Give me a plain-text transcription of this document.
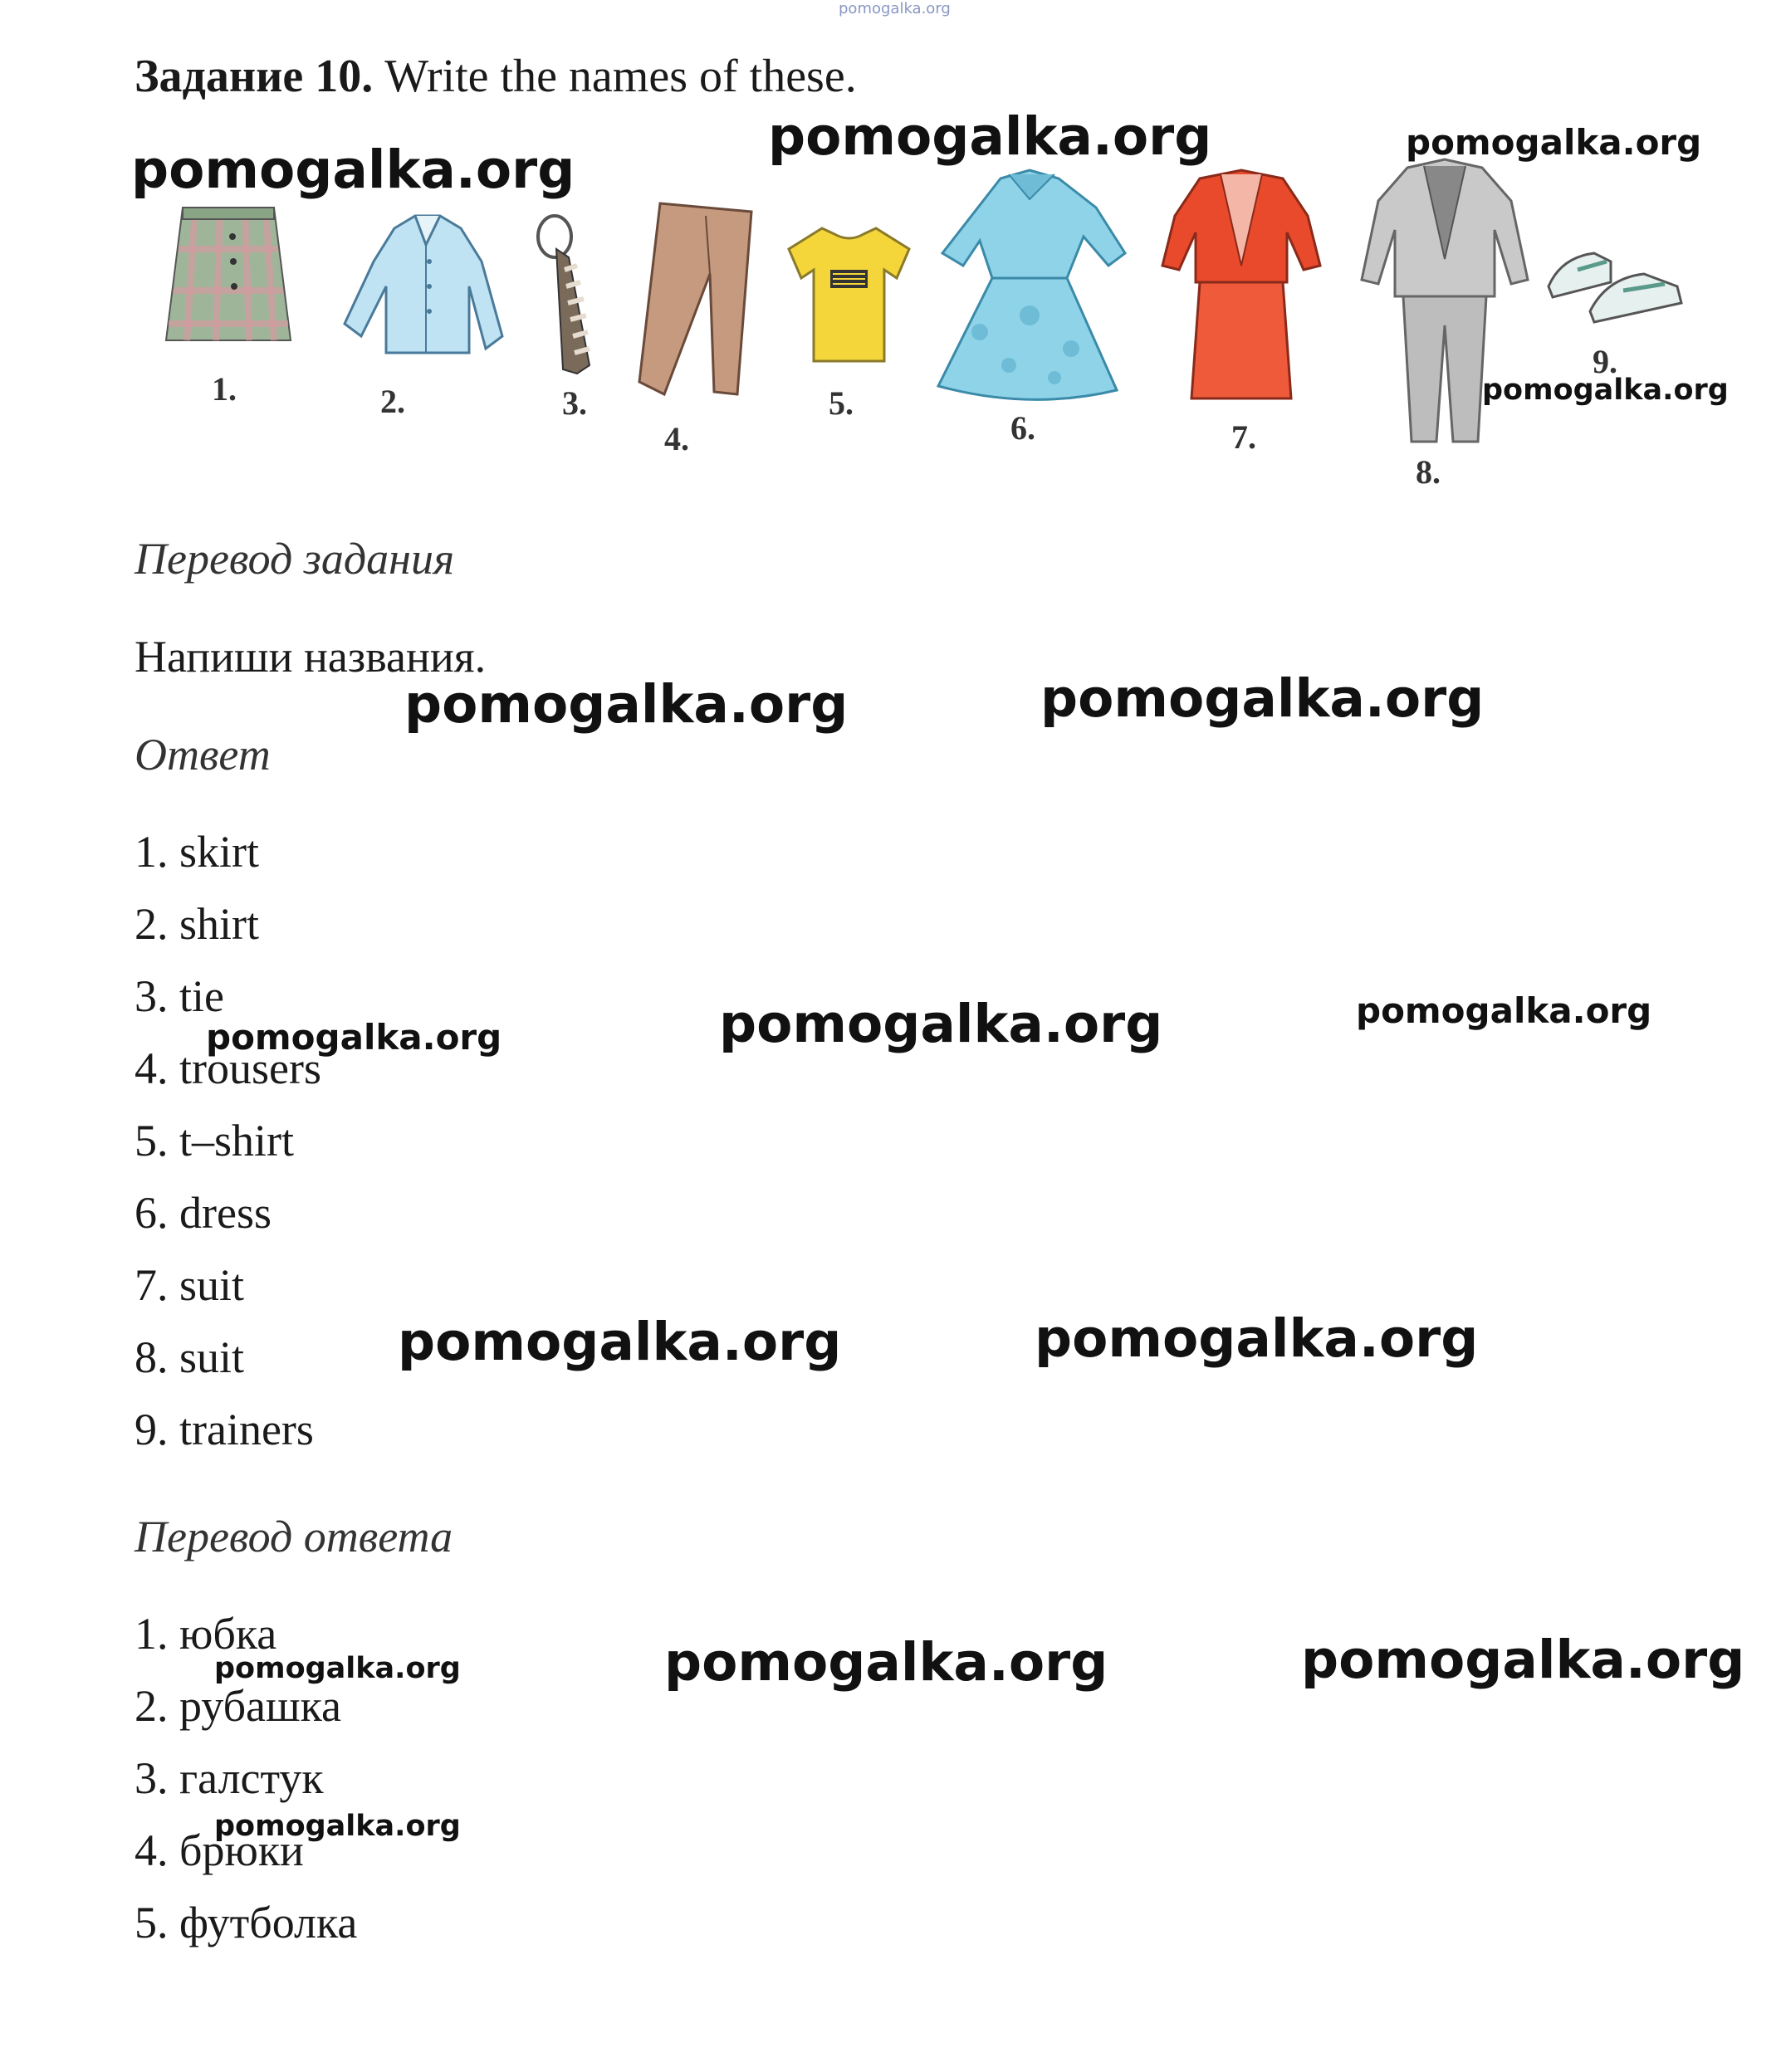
pomogalka.org
Задание 10. Write the names of these.
pomogalka.org
pomogalka.org	pomogalka.org
pomogalka.org
1.	2.	3.
4.
5.
6.	7.
8.
9.
Перевод задания
Напиши названия.
pomogalka.org	pomogalka.org
Ответ
1. skirt
2. shirt
3. tie
4. trousers
5. t–shirt
6. dress
7. suit
8. suit
9. trainers
pomogalka.org	pomogalka.org	pomogalka.org
pomogalka.org	pomogalka.org
Перевод ответа
1. юбка
2. рубашка
3. галстук
4. брюки
5. футболка
pomogalka.org
pomogalka.org
pomogalka.org	pomogalka.org
